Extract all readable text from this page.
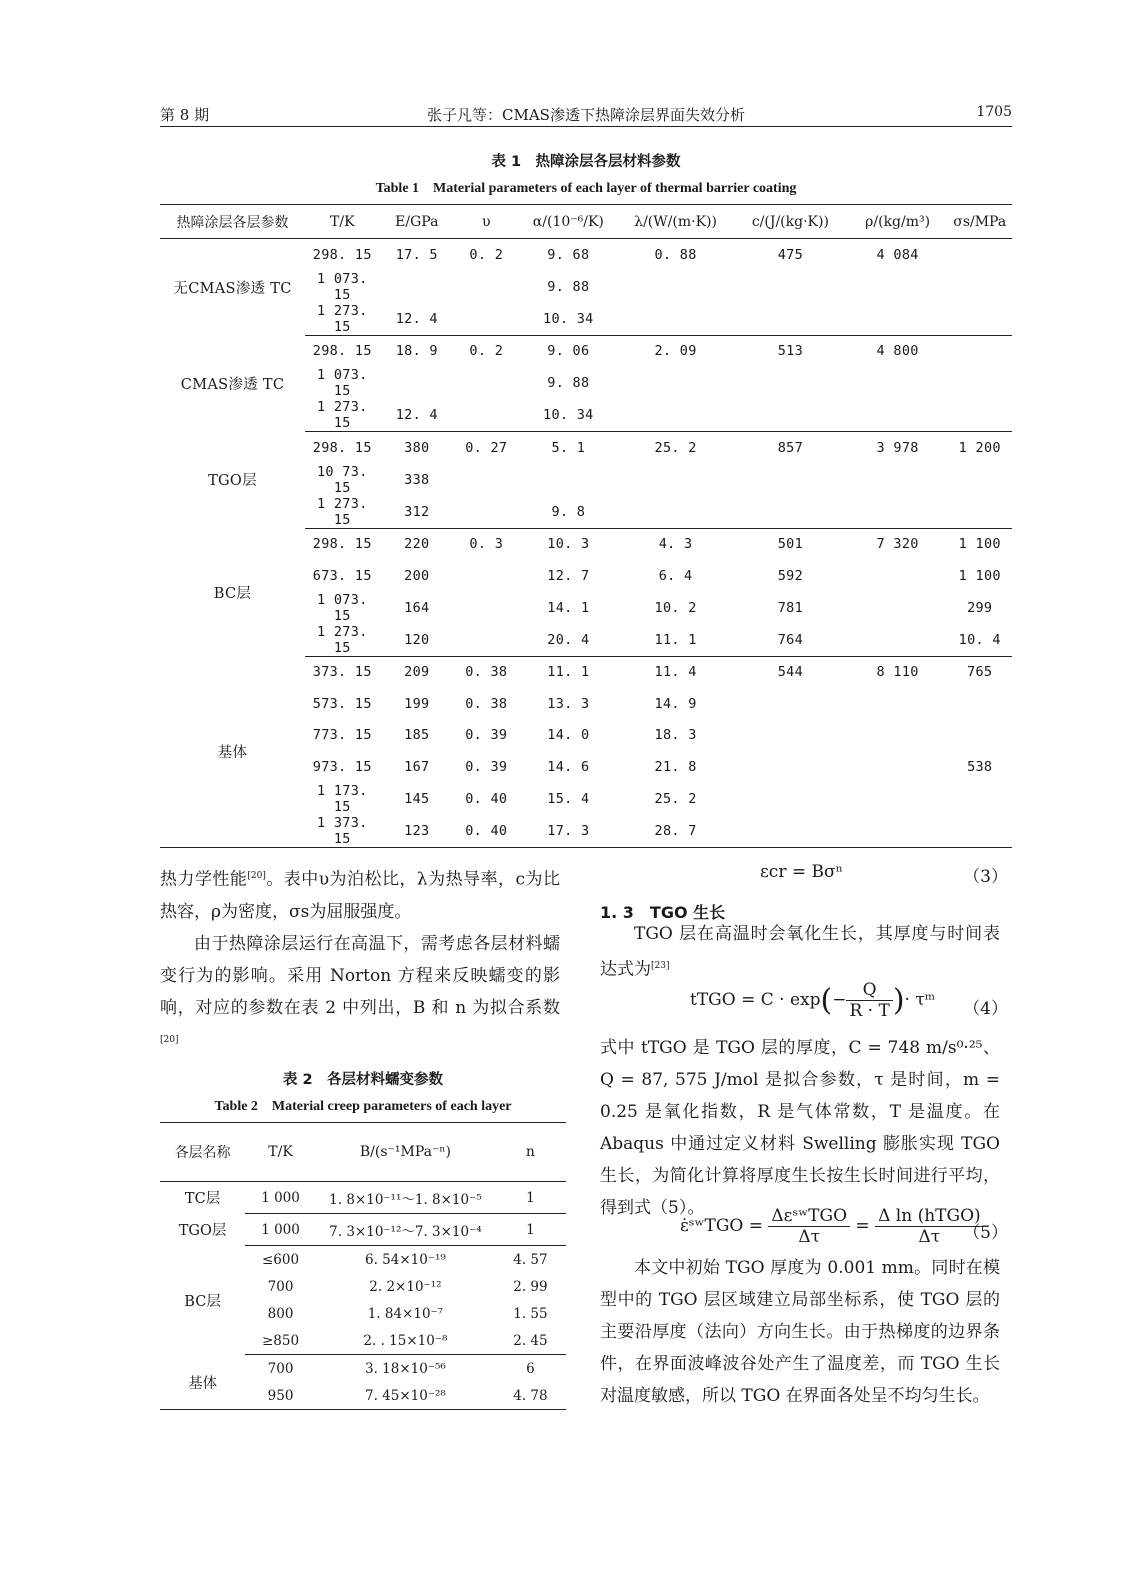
第 8 期	张子凡等：CMAS渗透下热障涂层界面失效分析	1705
表 1　热障涂层各层材料参数
Table 1　Material parameters of each layer of thermal barrier coating
热障涂层各层参数	T/K	E/GPa	υ	α/(10⁻⁶/K)	λ/(W/(m·K))	c/(J/(kg·K))	ρ/(kg/m³)	σs/MPa
无CMAS渗透 TC	298. 15	17. 5	0. 2	9. 68	0. 88	475	4 084	
	1 073. 15			9. 88				
	1 273. 15	12. 4		10. 34				
CMAS渗透 TC	298. 15	18. 9	0. 2	9. 06	2. 09	513	4 800	
	1 073. 15			9. 88				
	1 273. 15	12. 4		10. 34				
TGO层	298. 15	380	0. 27	5. 1	25. 2	857	3 978	1 200
	10 73. 15	338						
	1 273. 15	312		9. 8				
BC层	298. 15	220	0. 3	10. 3	4. 3	501	7 320	1 100
	673. 15	200		12. 7	6. 4	592		1 100
	1 073. 15	164		14. 1	10. 2	781		299
	1 273. 15	120		20. 4	11. 1	764		10. 4
基体	373. 15	209	0. 38	11. 1	11. 4	544	8 110	765
	573. 15	199	0. 38	13. 3	14. 9			
	773. 15	185	0. 39	14. 0	18. 3			
	973. 15	167	0. 39	14. 6	21. 8			538
	1 173. 15	145	0. 40	15. 4	25. 2			
	1 373. 15	123	0. 40	17. 3	28. 7			

热力学性能[20]。表中υ为泊松比，λ为热导率，c为比热容，ρ为密度，σs为屈服强度。

由于热障涂层运行在高温下，需考虑各层材料蠕变行为的影响。采用 Norton 方程来反映蠕变的影响，对应的参数在表 2 中列出，B 和 n 为拟合系数[20]

表 2　各层材料蠕变参数
Table 2　Material creep parameters of each layer
各层名称	T/K	B/(s⁻¹MPa⁻ⁿ)	n
TC层	1 000	1. 8×10⁻¹¹～1. 8×10⁻⁵	1
TGO层	1 000	7. 3×10⁻¹²～7. 3×10⁻⁴	1
BC层	≤600	6. 54×10⁻¹⁹	4. 57
	700	2. 2×10⁻¹²	2. 99
	800	1. 84×10⁻⁷	1. 55
	≥850	2. . 15×10⁻⁸	2. 45
基体	700	3. 18×10⁻⁵⁶	6
	950	7. 45×10⁻²⁸	4. 78
εcr = Bσⁿ	（3）
1. 3　TGO 生长
TGO 层在高温时会氧化生长，其厚度与时间表达式为[23]
tTGO = $C \cdot \exp(- \frac{Q}{R \cdot T}$ )· τᵐ （4）
式中 tTGO 是 TGO 层的厚度，C = 748 m/s⁰·²⁵、Q = 87, 575 J/mol 是拟合参数，τ 是时间，m = 0.25 是氧化指数，R 是气体常数，T 是温度。在 Abaqus 中通过定义材料 Swelling 膨胀实现 TGO 生长，为简化计算将厚度生长按生长时间进行平均，得到式（5）。
ε̇ˢʷTGO = $\frac{\text{ΔεˢʷTGO}}{\Delta\tau} = \frac{\text{Δ ln (hTGO)}}{\Delta\tau}$
（5）
本文中初始 TGO 厚度为 0.001 mm。同时在模型中的 TGO 层区域建立局部坐标系，使 TGO 层的主要沿厚度（法向）方向生长。由于热梯度的边界条件，在界面波峰波谷处产生了温度差，而 TGO 生长对温度敏感，所以 TGO 在界面各处呈不均匀生长。
